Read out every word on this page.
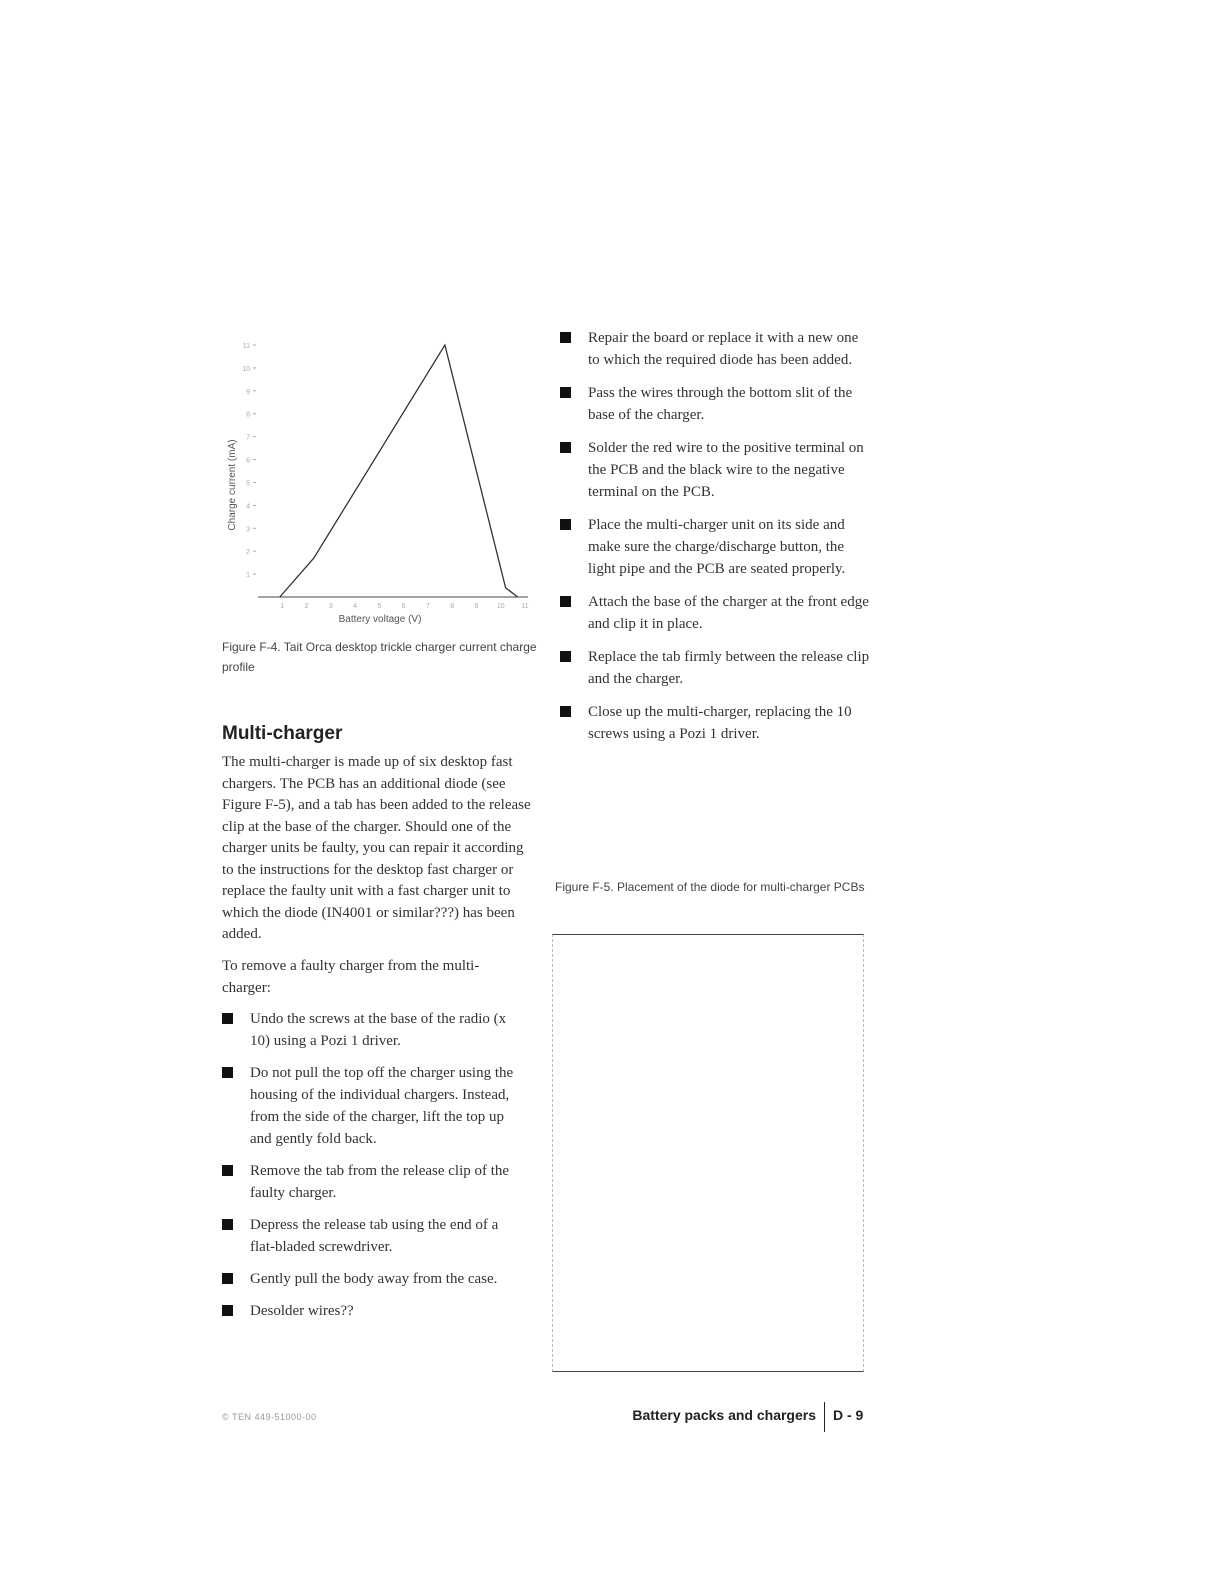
Charge current (mA)
1
2
3
4
5
6
7
8
9
10
11
1	2	3	4	5	6	7	8	9	10 11
Battery voltage (V)
Figure F-4. Tait Orca desktop trickle charger current charge profile
Multi-charger
The multi-charger is made up of six desktop fast chargers. The PCB has an additional diode (see Figure F-5), and a tab has been added to the release clip at the base of the charger. Should one of the charger units be faulty, you can repair it according to the instructions for the desktop fast charger or replace the faulty unit with a fast charger unit to which the diode (IN4001 or similar???) has been added.
To remove a faulty charger from the multi-charger:
Undo the screws at the base of the radio (x 10) using a Pozi 1 driver.
Do not pull the top off the charger using the housing of the individual chargers. Instead, from the side of the charger, lift the top up and gently fold back.
Remove the tab from the release clip of the faulty charger.
Depress the release tab using the end of a flat-bladed screwdriver.
Gently pull the body away from the case.
Desolder wires??
Repair the board or replace it with a new one to which the required diode has been added.
Pass the wires through the bottom slit of the base of the charger.
Solder the red wire to the positive terminal on the PCB and the black wire to the negative terminal on the PCB.
Place the multi-charger unit on its side and make sure the charge/discharge button, the light pipe and the PCB are seated properly.
Attach the base of the charger at the front edge and clip it in place.
Replace the tab firmly between the release clip and the charger.
Close up the multi-charger, replacing the 10 screws using a Pozi 1 driver.
Figure F-5. Placement of the diode for multi-charger PCBs
© TEN 449-51000-00	Battery packs and chargers D - 9
